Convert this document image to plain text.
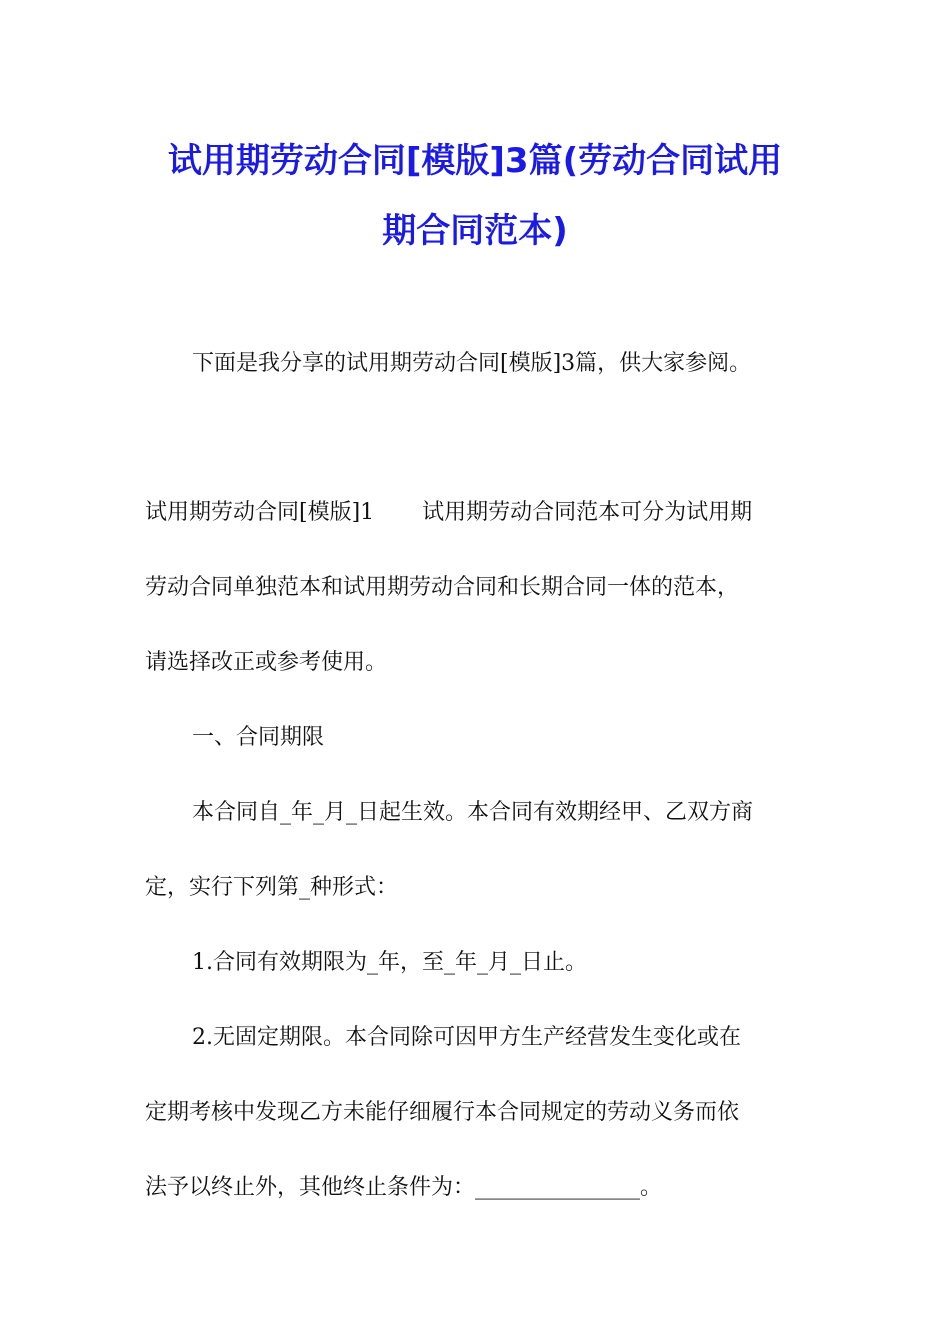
试用期劳动合同[模版]3篇(劳动合同试用
期合同范本)
下面是我分享的试用期劳动合同[模版]3篇，供大家参阅。
试用期劳动合同[模版]1 试用期劳动合同范本可分为试用期
劳动合同单独范本和试用期劳动合同和长期合同一体的范本，
请选择改正或参考使用。
一、合同期限
本合同自_年_月_日起生效。本合同有效期经甲、乙双方商
定，实行下列第_种形式：
1.合同有效期限为_年，至_年_月_日止。
2.无固定期限。本合同除可因甲方生产经营发生变化或在
定期考核中发现乙方未能仔细履行本合同规定的劳动义务而依
法予以终止外，其他终止条件为：_______________。
